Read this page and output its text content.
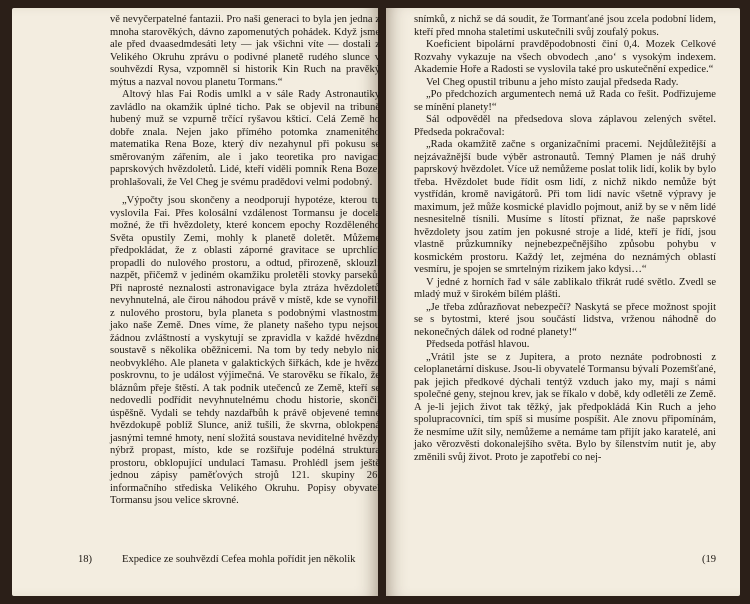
vě nevyčerpatelné fantazii. Pro naši generaci to byla jen jedna z mnoha starověkých, dávno zapomenutých pohádek. Když jsme ale před dvaasedmdesáti lety — jak všichni víte — dostali z Velikého Okruhu zprávu o podivné planetě rudého slunce v souhvězdí Rysa, vzpomněl si historik Kin Ruch na pravěký mýtus a nazval novou planetu Tormans.“

Altový hlas Fai Rodis umlkl a v sále Rady Astronautiky zavládlo na okamžik úplné ticho. Pak se objevil na tribuně hubený muž se vzpurně trčící ryšavou kšticí. Celá Země ho dobře znala. Nejen jako přímého potomka znamenitého matematika Rena Boze, který dív nezahynul při pokusu se směrovaným zářením, ale i jako teoretika pro navigaci paprskových hvězdoletů. Lidé, kteří viděli pomník Rena Boze, prohlašovali, že Vel Cheg je svému pradědovi velmi podobný.

„Výpočty jsou skončeny a neodporují hypotéze, kterou tu vyslovila Fai. Přes kolosální vzdálenost Tormansu je docela možné, že tři hvězdolety, které koncem epochy Rozděleného Světa opustily Zemi, mohly k planetě doletět. Můžeme předpokládat, že z oblasti záporné gravitace se uprchlíci propadli do nulového prostoru, a odtud, přirozeně, sklouzli nazpět, přičemž v jediném okamžiku proletěli stovky parseků. Při naprosté neznalosti astronavigace byla ztráza hvězdoletů nevyhnutelná, ale čirou náhodou právě v místě, kde se vynořili z nulového prostoru, byla planeta s podobnými vlastnostmi jako naše Země. Dnes víme, že planety našeho typu nejsou žádnou zvláštností a vyskytují se zpravidla v každé hvězdné soustavě s několika oběžnicemi. Na tom by tedy nebylo nic neobvyklého. Ale planeta v galaktických šiřkách, kde je hvězd poskrovnu, to je událost výjimečná. Ve starověku se říkalo, že bláznům přeje štěstí. A tak podnik utečenců ze Země, kteří se nedovedli podřídit nevyhnutelnému chodu historie, skončil úspěšně. Vydali se tehdy nazdařbůh k právě objevené temné hvězdokupě poblíž Slunce, aniž tušili, že skvrna, oblokpená jasnými temné hmoty, není složitá soustava neviditelné hvězdy, nýbrž propast, místo, kde se rozšiřuje podélná struktura prostoru, obklopující undulací Tamasu. Prohlédl jsem ještě jednou zápisy paměťových strojů 121. skupiny 26. informačního střediska Velikého Okruhu. Popisy obyvatel Tormansu jsou velice skrovné.

18)	Expedice ze souhvězdí Cefea mohla pořídit jen několik

snímků, z nichž se dá soudit, že Tormanťané jsou zcela podobní lidem, kteří před mnoha staletími uskutečnili svůj zoufalý pokus.

Koeficient bipolární pravděpodobnosti činí 0,4. Mozek Celkové Rozvahy vykazuje na všech obvodech ‚ano‘ s vysokým indexem. Akademie Hoře a Radosti se vyslovila také pro uskutečnění expedice.“

Vel Cheg opustil tribunu a jeho místo zaujal předseda Rady.

„Po předchozích argumentech nemá už Rada co řešit. Podřizujeme se mínění planety!“

Sál odpověděl na předsedova slova záplavou zelených světel. Předseda pokračoval:

„Rada okamžitě začne s organizačními pracemi. Nejdůležitější a nejzávažnější bude výběr astronautů. Temný Plamen je náš druhý paprskový hvězdolet. Více už nemůžeme poslat tolik lidí, kolik by bylo třeba. Hvězdolet bude řídit osm lidí, z nichž nikdo nemůže být vystřídán, kromě navigátorů. Při tom lidí navíc všetně výpravy je maximum, jež může kosmické plavidlo pojmout, aniž by se v něm lidé nesnesitelně tísnili. Musíme s lítostí přiznat, že naše paprskové hvězdolety jsou zatím jen pokusné stroje a lidé, kteří je řídí, jsou vlastně průzkumníky nejnebezpečnějšího způsobu pohybu v kosmickém prostoru. Každý let, zejména do neznámých oblastí vesmíru, je spojen se smrtelným rizikem jako kdysi…“

V jedné z horních řad v sále zablikalo třikrát rudé světlo. Zvedl se mladý muž v širokém bílém plášti.

„Je třeba zdůrazňovat nebezpečí? Naskytá se přece možnost spojit se s bytostmi, které jsou součástí lidstva, vrženou náhodně do nekonečných dálek od rodné planety!“

Předseda potřásl hlavou.

„Vrátil jste se z Jupitera, a proto neznáte podrobnosti z celoplanetární diskuse. Jsou-li obyvatelé Tormansu bývalí Pozemšťané, pak jejich předkové dýchali tentýž vzduch jako my, mají s námi společné geny, stejnou krev, jak se říkalo v době, kdy odletěli ze Země. A je-li jejich život tak těžký, jak předpokládá Kin Ruch a jeho spolupracovníci, tím spíš si musíme pospíšit. Ale znovu připomínám, že nesmíme užít sily, nemůžeme a nemáme tam přijít jako karatelé, ani jako věrozvěsti dokonalejšího světa. Bylo by šílenstvím nutit je, aby změnili svůj život. Proto je zapotřebí co nej-

(19
